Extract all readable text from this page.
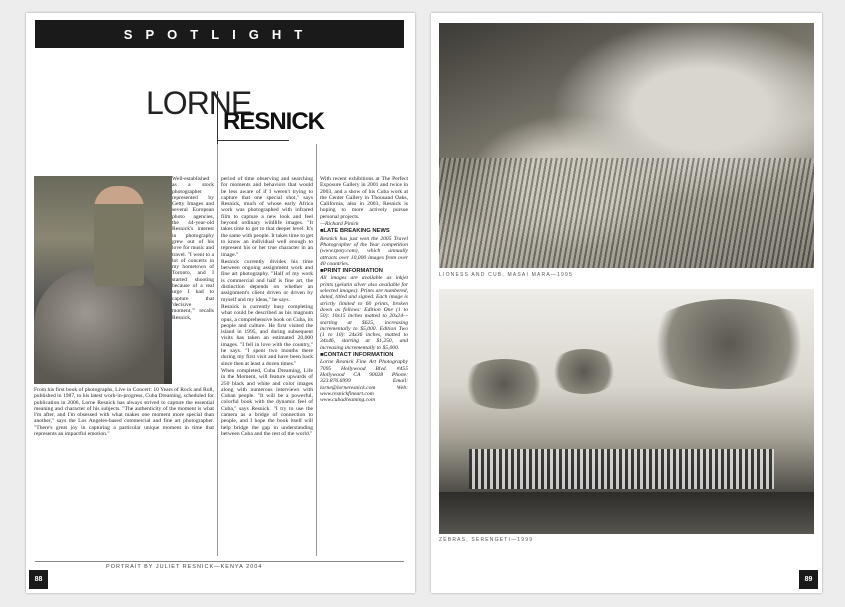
SPOTLIGHT
LORNE
RESNICK
Well-established as a stock photographer represented by Getty Images and several European photo agencies, the 44-year-old Resnick's interest in photography grew out of his love for music and travel. "I went to a lot of concerts in my hometown of Toronto, and I started shooting because of a real urge I had to capture that 'decisive moment,'" recalls Resnick,
From his first book of photographs, Live in Concert: 10 Years of Rock and Roll, published in 1987, to his latest work-in-progress, Cuba Dreaming, scheduled for publication in 2006, Lorne Resnick has always strived to capture the essential meaning and character of his subjects. "The authenticity of the moment is what I'm after, and I'm obsessed with what makes one moment more special than another," says the Los Angeles-based commercial and fine art photographer. "There's great joy in capturing a particular unique moment in time that represents an impactful emotion."

period of time observing and searching for moments and behaviors that would be less aware of if I weren't trying to capture that one special shot," says Resnick, much of whose early Africa work was photographed with infrared film to capture a new look and feel beyond ordinary wildlife images. "It takes time to get to that deeper level. It's the same with people. It takes time to get to know an individual well enough to represent his or her true character in an image."

Resnick currently divides his time between ongoing assignment work and fine art photography. "Half of my work is commercial and half is fine art, the distinction depends on whether an assignment's client driven or driven by myself and my ideas," he says.

Resnick is currently busy completing what could be described as his magnum opus, a comprehensive book on Cuba, its people and culture. He first visited the island in 1995, and during subsequent visits has taken an estimated 20,000 images. "I fell in love with the country," he says. "I spent two months there during my first visit and have been back since then at least a dozen times."

When completed, Cuba Dreaming, Life in the Moment, will feature upwards of 250 black and white and color images along with numerous interviews with Cuban people. "It will be a powerful, colorful book with the dynamic feel of Cuba," says Resnick. "I try to use the camera as a bridge of connection to people, and I hope the book itself will help bridge the gap in understanding between Cuba and the rest of the world."

With recent exhibitions at The Perfect Exposure Gallery in 2001 and twice in 2003, and a show of his Cuba work at the Center Gallery in Thousand Oaks, California, also in 2003, Resnick is hoping to more actively pursue personal projects.

—Richard Pinick

■ LATE BREAKING NEWS

Resnick has just won the 2005 Travel Photographer of the Year competition (www.tpoty.com), which annually attracts over 10,000 images from over 40 countries.

■ PRINT INFORMATION

All images are available as inkjet prints (gelatin silver also available for selected images). Prints are numbered, dated, titled and signed. Each image is strictly limited to 60 prints, broken down as follows: Edition One (1 to 50): 10x15 inches matted to 20x24—starting at $625, increasing incrementally to $5,000. Edition Two (1 to 10): 24x36 inches, matted to 34x46, starting at $1,250, and increasing incrementally to $5,000.

■ CONTACT INFORMATION

Lorne Resnick Fine Art Photography 7095 Hollywood Blvd. #455 Hollywood CA 90028 Phone: 323.876.6999 Email: lorne@lorneresnick.com Web: www.resnickfineart.com www.cubadreaming.com

PORTRAIT BY JULIET RESNICK—KENYA 2004
88
LIONESS AND CUB, MASAI MARA—1995
ZEBRAS, SERENGETI—1999
89
